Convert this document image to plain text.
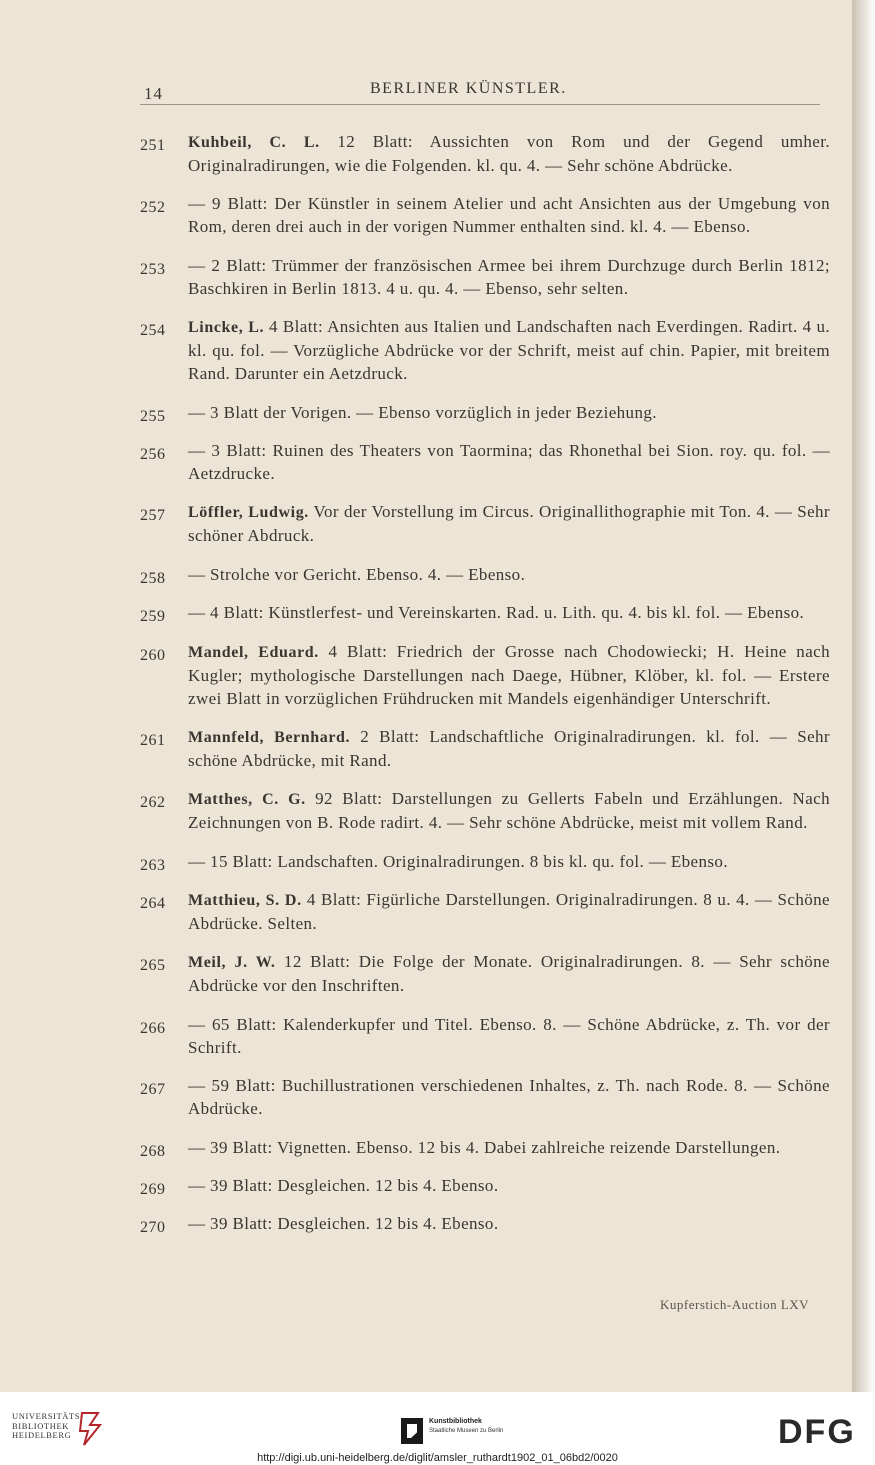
14	BERLINER KÜNSTLER.
251 Kuhbeil, C. L. 12 Blatt: Aussichten von Rom und der Gegend umher. Originalradirungen, wie die Folgenden. kl. qu. 4. — Sehr schöne Abdrücke.
252 — 9 Blatt: Der Künstler in seinem Atelier und acht Ansichten aus der Umgebung von Rom, deren drei auch in der vorigen Nummer enthalten sind. kl. 4. — Ebenso.
253 — 2 Blatt: Trümmer der französischen Armee bei ihrem Durchzuge durch Berlin 1812; Baschkiren in Berlin 1813. 4 u. qu. 4. — Ebenso, sehr selten.
254 Lincke, L. 4 Blatt: Ansichten aus Italien und Landschaften nach Everdingen. Radirt. 4 u. kl. qu. fol. — Vorzügliche Abdrücke vor der Schrift, meist auf chin. Papier, mit breitem Rand. Darunter ein Aetzdruck.
255 — 3 Blatt der Vorigen. — Ebenso vorzüglich in jeder Beziehung.
256 — 3 Blatt: Ruinen des Theaters von Taormina; das Rhonethal bei Sion. roy. qu. fol. — Aetzdrucke.
257 Löffler, Ludwig. Vor der Vorstellung im Circus. Originallithographie mit Ton. 4. — Sehr schöner Abdruck.
258 — Strolche vor Gericht. Ebenso. 4. — Ebenso.
259 — 4 Blatt: Künstlerfest- und Vereinskarten. Rad. u. Lith. qu. 4. bis kl. fol. — Ebenso.
260 Mandel, Eduard. 4 Blatt: Friedrich der Grosse nach Chodowiecki; H. Heine nach Kugler; mythologische Darstellungen nach Daege, Hübner, Klöber, kl. fol. — Erstere zwei Blatt in vorzüglichen Frühdrucken mit Mandels eigenhändiger Unterschrift.
261 Mannfeld, Bernhard. 2 Blatt: Landschaftliche Originalradirungen. kl. fol. — Sehr schöne Abdrücke, mit Rand.
262 Matthes, C. G. 92 Blatt: Darstellungen zu Gellerts Fabeln und Erzählungen. Nach Zeichnungen von B. Rode radirt. 4. — Sehr schöne Abdrücke, meist mit vollem Rand.
263 — 15 Blatt: Landschaften. Originalradirungen. 8 bis kl. qu. fol. — Ebenso.
264 Matthieu, S. D. 4 Blatt: Figürliche Darstellungen. Originalradirungen. 8 u. 4. — Schöne Abdrücke. Selten.
265 Meil, J. W. 12 Blatt: Die Folge der Monate. Originalradirungen. 8. — Sehr schöne Abdrücke vor den Inschriften.
266 — 65 Blatt: Kalenderkupfer und Titel. Ebenso. 8. — Schöne Abdrücke, z. Th. vor der Schrift.
267 — 59 Blatt: Buchillustrationen verschiedenen Inhaltes, z. Th. nach Rode. 8. — Schöne Abdrücke.
268 — 39 Blatt: Vignetten. Ebenso. 12 bis 4. Dabei zahlreiche reizende Darstellungen.
269 — 39 Blatt: Desgleichen. 12 bis 4. Ebenso.
270 — 39 Blatt: Desgleichen. 12 bis 4. Ebenso.
Kupferstich-Auction LXV
UNIVERSITÄTS-
BIBLIOTHEK
HEIDELBERG
Kunstbibliothek
Staatliche Museen zu Berlin	DFG
http://digi.ub.uni-heidelberg.de/diglit/amsler_ruthardt1902_01_06bd2/0020
